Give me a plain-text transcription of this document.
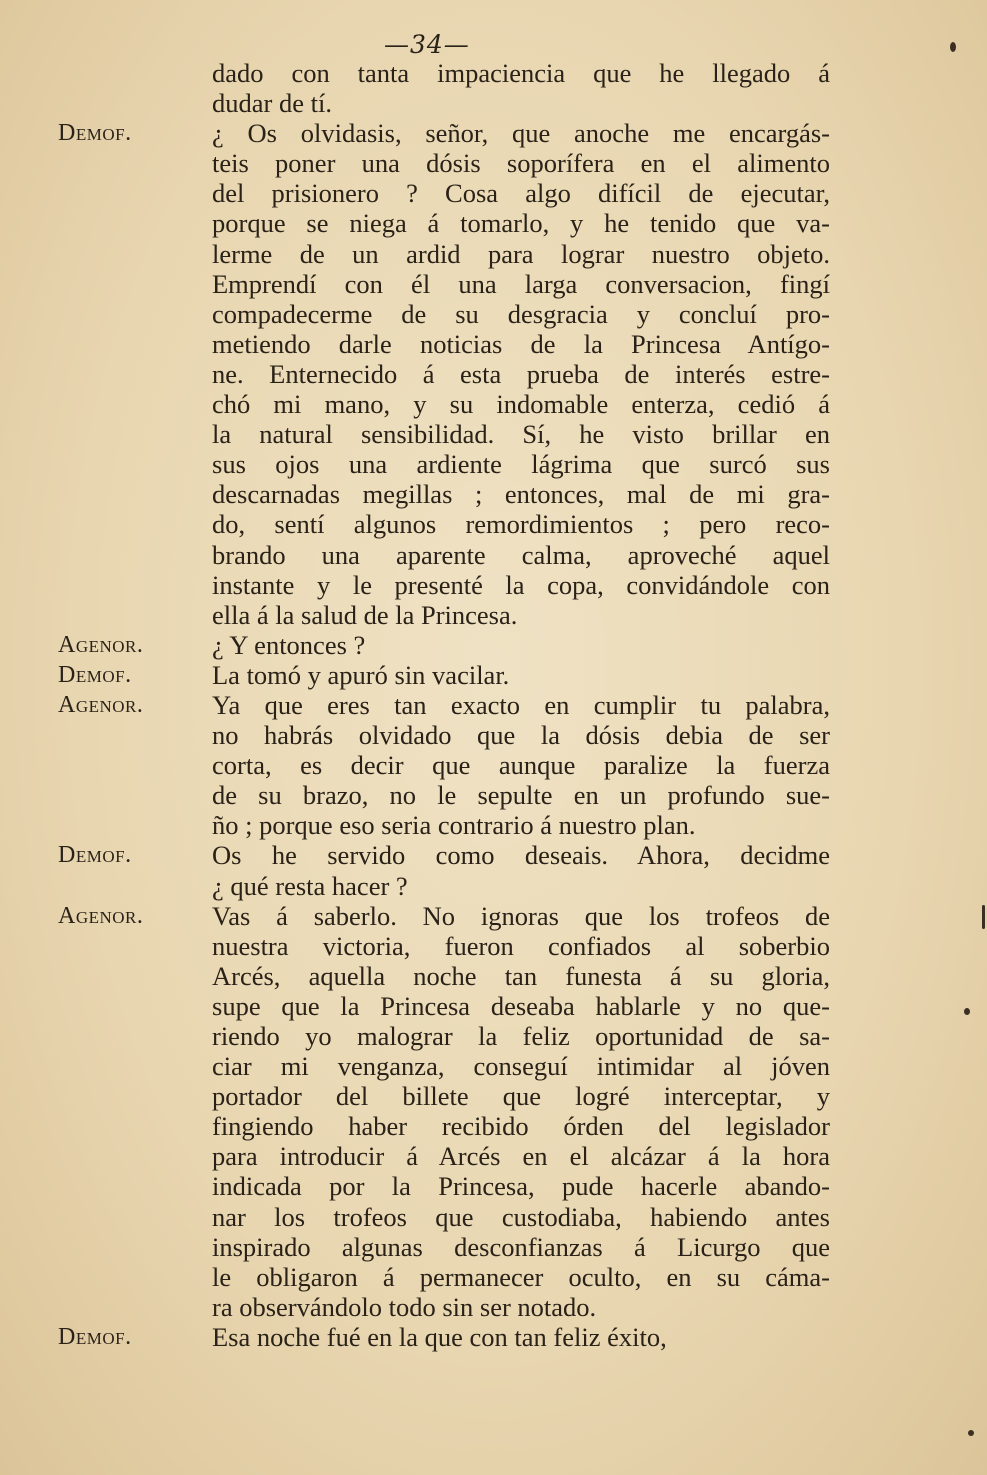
—34—
dado con tanta impaciencia que he llegado á
dudar de tí.
Demof.	¿ Os olvidasis, señor, que anoche me encargás-
teis poner una dósis soporífera en el alimento
del prisionero ? Cosa algo difícil de ejecutar,
porque se niega á tomarlo, y he tenido que va-
lerme de un ardid para lograr nuestro objeto.
Emprendí con él una larga conversacion, fingí
compadecerme de su desgracia y concluí pro-
metiendo darle noticias de la Princesa Antígo-
ne. Enternecido á esta prueba de interés estre-
chó mi mano, y su indomable enterza, cedió á
la natural sensibilidad. Sí, he visto brillar en
sus ojos una ardiente lágrima que surcó sus
descarnadas megillas ; entonces, mal de mi gra-
do, sentí algunos remordimientos ; pero reco-
brando una aparente calma, aproveché aquel
instante y le presenté la copa, convidándole con
ella á la salud de la Princesa.
Agenor.	¿ Y entonces ?
Demof.	La tomó y apuró sin vacilar.
Agenor.	Ya que eres tan exacto en cumplir tu palabra,
no habrás olvidado que la dósis debia de ser
corta, es decir que aunque paralize la fuerza
de su brazo, no le sepulte en un profundo sue-
ño ; porque eso seria contrario á nuestro plan.
Demof.	Os he servido como deseais. Ahora, decidme
¿ qué resta hacer ?
Agenor.	Vas á saberlo. No ignoras que los trofeos de
nuestra victoria, fueron confiados al soberbio
Arcés, aquella noche tan funesta á su gloria,
supe que la Princesa deseaba hablarle y no que-
riendo yo malograr la feliz oportunidad de sa-
ciar mi venganza, conseguí intimidar al jóven
portador del billete que logré interceptar, y
fingiendo haber recibido órden del legislador
para introducir á Arcés en el alcázar á la hora
indicada por la Princesa, pude hacerle abando-
nar los trofeos que custodiaba, habiendo antes
inspirado algunas desconfianzas á Licurgo que
le obligaron á permanecer oculto, en su cáma-
ra observándolo todo sin ser notado.
Demof.	Esa noche fué en la que con tan feliz éxito,
